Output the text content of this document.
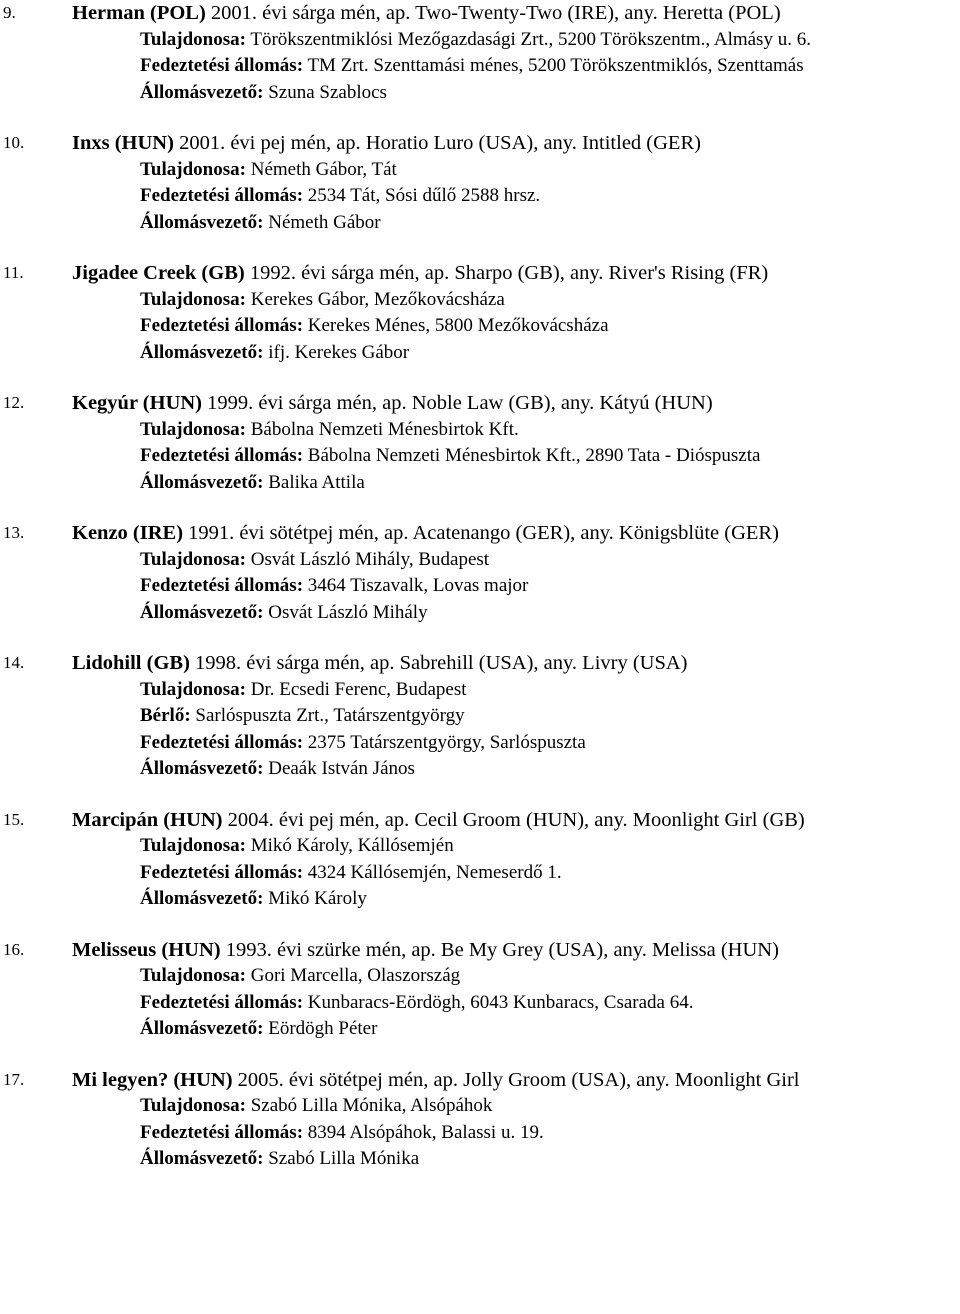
9.	Herman (POL) 2001. évi sárga mén, ap. Two-Twenty-Two (IRE), any. Heretta (POL)
Tulajdonosa: Törökszentmiklósi Mezőgazdasági Zrt., 5200 Törökszentm., Almásy u. 6.
Fedeztetési állomás: TM Zrt. Szenttamási ménes, 5200 Törökszentmiklós, Szenttamás
Állomásvezető: Szuna Szablocs
10. Inxs (HUN) 2001. évi pej mén, ap. Horatio Luro (USA), any. Intitled (GER)
Tulajdonosa: Németh Gábor, Tát
Fedeztetési állomás: 2534 Tát, Sósi dűlő 2588 hrsz.
Állomásvezető: Németh Gábor
11. Jigadee Creek (GB) 1992. évi sárga mén, ap. Sharpo (GB), any. River's Rising (FR)
Tulajdonosa: Kerekes Gábor, Mezőkovácsháza
Fedeztetési állomás: Kerekes Ménes, 5800 Mezőkovácsháza
Állomásvezető: ifj. Kerekes Gábor
12. Kegyúr (HUN) 1999. évi sárga mén, ap. Noble Law (GB), any. Kátyú (HUN)
Tulajdonosa: Bábolna Nemzeti Ménesbirtok Kft.
Fedeztetési állomás: Bábolna Nemzeti Ménesbirtok Kft., 2890 Tata - Dióspuszta
Állomásvezető: Balika Attila
13. Kenzo (IRE) 1991. évi sötétpej mén, ap. Acatenango (GER), any. Königsblüte (GER)
Tulajdonosa: Osvát László Mihály, Budapest
Fedeztetési állomás: 3464 Tiszavalk, Lovas major
Állomásvezető: Osvát László Mihály
14. Lidohill (GB) 1998. évi sárga mén, ap. Sabrehill (USA), any. Livry (USA)
Tulajdonosa: Dr. Ecsedi Ferenc, Budapest
Bérlő: Sarlóspuszta Zrt., Tatárszentgyörgy
Fedeztetési állomás: 2375 Tatárszentgyörgy, Sarlóspuszta
Állomásvezető: Deaák István János
15. Marcipán (HUN) 2004. évi pej mén, ap. Cecil Groom (HUN), any. Moonlight Girl (GB)
Tulajdonosa: Mikó Károly, Kállósemjén
Fedeztetési állomás: 4324 Kállósemjén, Nemeserdő 1.
Állomásvezető: Mikó Károly
16. Melisseus (HUN) 1993. évi szürke mén, ap. Be My Grey (USA), any. Melissa (HUN)
Tulajdonosa: Gori Marcella, Olaszország
Fedeztetési állomás: Kunbaracs-Eördögh, 6043 Kunbaracs, Csarada 64.
Állomásvezető: Eördögh Péter
17. Mi legyen? (HUN) 2005. évi sötétpej mén, ap. Jolly Groom (USA), any. Moonlight Girl
Tulajdonosa: Szabó Lilla Mónika, Alsópáhok
Fedeztetési állomás: 8394 Alsópáhok, Balassi u. 19.
Állomásvezető: Szabó Lilla Mónika
